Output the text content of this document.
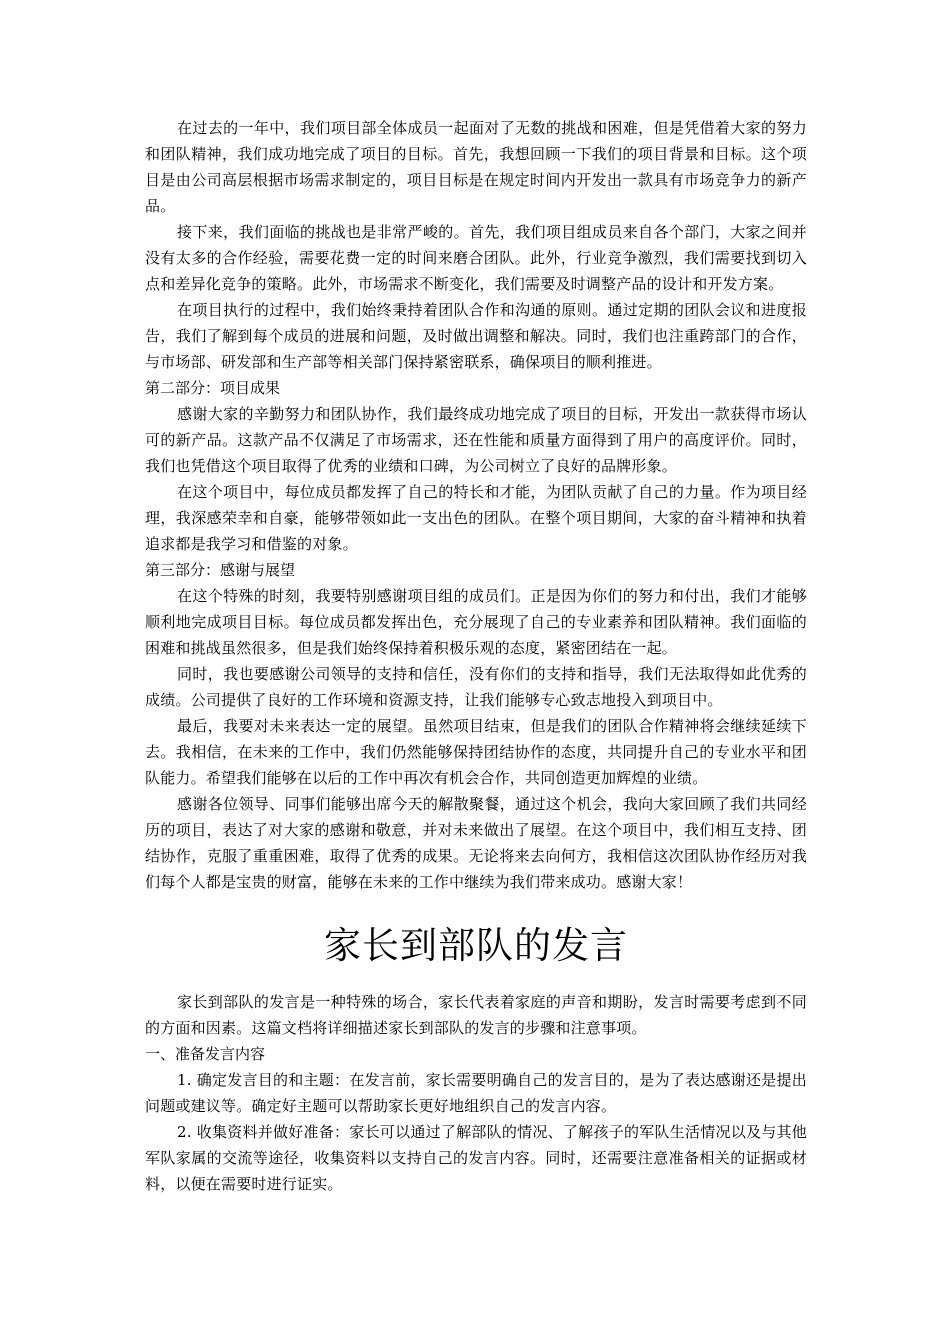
在过去的一年中，我们项目部全体成员一起面对了无数的挑战和困难，但是凭借着大家的努力和团队精神，我们成功地完成了项目的目标。首先，我想回顾一下我们的项目背景和目标。这个项目是由公司高层根据市场需求制定的，项目目标是在规定时间内开发出一款具有市场竞争力的新产品。

接下来，我们面临的挑战也是非常严峻的。首先，我们项目组成员来自各个部门，大家之间并没有太多的合作经验，需要花费一定的时间来磨合团队。此外，行业竞争激烈，我们需要找到切入点和差异化竞争的策略。此外，市场需求不断变化，我们需要及时调整产品的设计和开发方案。

在项目执行的过程中，我们始终秉持着团队合作和沟通的原则。通过定期的团队会议和进度报告，我们了解到每个成员的进展和问题，及时做出调整和解决。同时，我们也注重跨部门的合作，与市场部、研发部和生产部等相关部门保持紧密联系，确保项目的顺利推进。

第二部分：项目成果

感谢大家的辛勤努力和团队协作，我们最终成功地完成了项目的目标，开发出一款获得市场认可的新产品。这款产品不仅满足了市场需求，还在性能和质量方面得到了用户的高度评价。同时，我们也凭借这个项目取得了优秀的业绩和口碑，为公司树立了良好的品牌形象。

在这个项目中，每位成员都发挥了自己的特长和才能，为团队贡献了自己的力量。作为项目经理，我深感荣幸和自豪，能够带领如此一支出色的团队。在整个项目期间，大家的奋斗精神和执着追求都是我学习和借鉴的对象。

第三部分：感谢与展望

在这个特殊的时刻，我要特别感谢项目组的成员们。正是因为你们的努力和付出，我们才能够顺利地完成项目目标。每位成员都发挥出色，充分展现了自己的专业素养和团队精神。我们面临的困难和挑战虽然很多，但是我们始终保持着积极乐观的态度，紧密团结在一起。

同时，我也要感谢公司领导的支持和信任，没有你们的支持和指导，我们无法取得如此优秀的成绩。公司提供了良好的工作环境和资源支持，让我们能够专心致志地投入到项目中。

最后，我要对未来表达一定的展望。虽然项目结束，但是我们的团队合作精神将会继续延续下去。我相信，在未来的工作中，我们仍然能够保持团结协作的态度，共同提升自己的专业水平和团队能力。希望我们能够在以后的工作中再次有机会合作，共同创造更加辉煌的业绩。

感谢各位领导、同事们能够出席今天的解散聚餐，通过这个机会，我向大家回顾了我们共同经历的项目，表达了对大家的感谢和敬意，并对未来做出了展望。在这个项目中，我们相互支持、团结协作，克服了重重困难，取得了优秀的成果。无论将来去向何方，我相信这次团队协作经历对我们每个人都是宝贵的财富，能够在未来的工作中继续为我们带来成功。感谢大家！

家长到部队的发言

家长到部队的发言是一种特殊的场合，家长代表着家庭的声音和期盼，发言时需要考虑到不同的方面和因素。这篇文档将详细描述家长到部队的发言的步骤和注意事项。

一、准备发言内容

1. 确定发言目的和主题：在发言前，家长需要明确自己的发言目的，是为了表达感谢还是提出问题或建议等。确定好主题可以帮助家长更好地组织自己的发言内容。

2. 收集资料并做好准备：家长可以通过了解部队的情况、了解孩子的军队生活情况以及与其他军队家属的交流等途径，收集资料以支持自己的发言内容。同时，还需要注意准备相关的证据或材料，以便在需要时进行证实。
